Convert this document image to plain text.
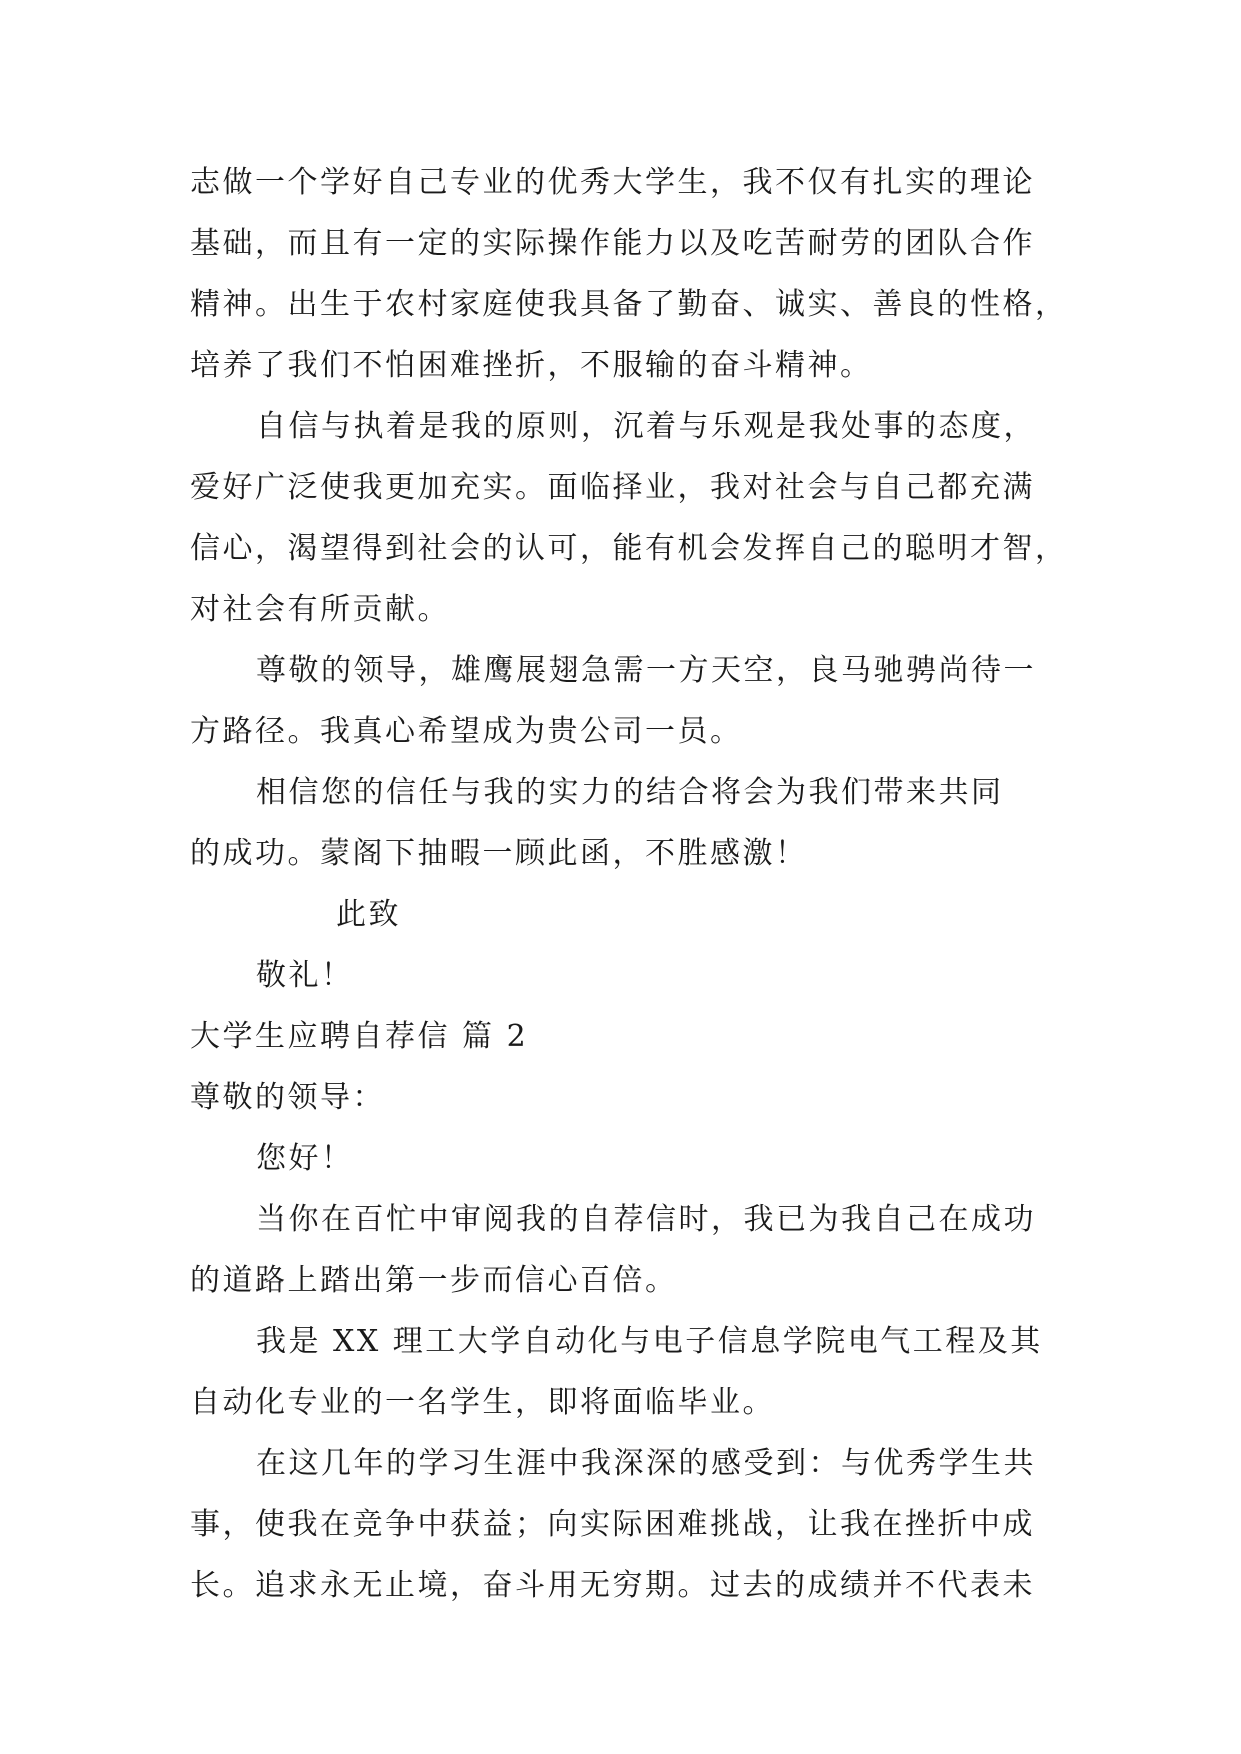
志做一个学好自己专业的优秀大学生，我不仅有扎实的理论
基础，而且有一定的实际操作能力以及吃苦耐劳的团队合作
精神。出生于农村家庭使我具备了勤奋、诚实、善良的性格，
培养了我们不怕困难挫折，不服输的奋斗精神。
自信与执着是我的原则，沉着与乐观是我处事的态度，
爱好广泛使我更加充实。面临择业，我对社会与自己都充满
信心，渴望得到社会的认可，能有机会发挥自己的聪明才智，
对社会有所贡献。
尊敬的领导，雄鹰展翅急需一方天空，良马驰骋尚待一
方路径。我真心希望成为贵公司一员。
相信您的信任与我的实力的结合将会为我们带来共同
的成功。蒙阁下抽暇一顾此函，不胜感激！
此致
敬礼！
大学生应聘自荐信 篇 2
尊敬的领导：
您好！
当你在百忙中审阅我的自荐信时，我已为我自己在成功
的道路上踏出第一步而信心百倍。
我是 XX 理工大学自动化与电子信息学院电气工程及其
自动化专业的一名学生，即将面临毕业。
在这几年的学习生涯中我深深的感受到：与优秀学生共
事，使我在竞争中获益；向实际困难挑战，让我在挫折中成
长。追求永无止境，奋斗用无穷期。过去的成绩并不代表未
